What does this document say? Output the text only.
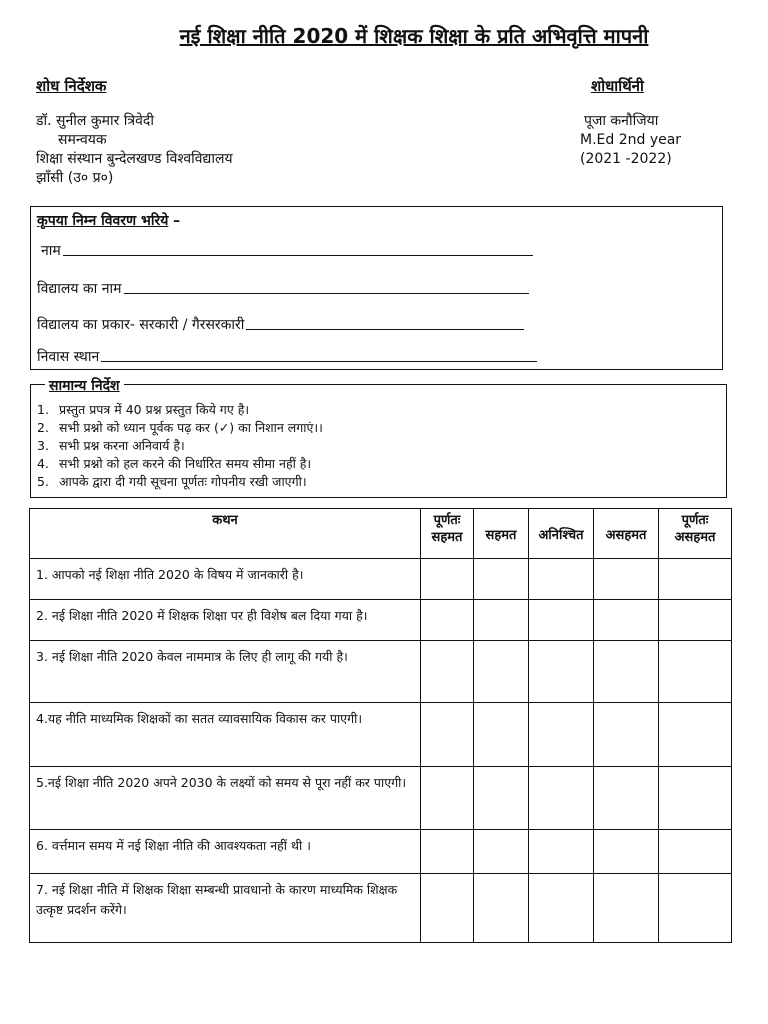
नई शिक्षा नीति 2020 में शिक्षक शिक्षा के प्रति अभिवृत्ति मापनी
शोध निर्देशक
डॉ. सुनील कुमार त्रिवेदी
समन्वयक
शिक्षा संस्थान बुन्देलखण्ड विश्वविद्यालय
झाँसी (उ० प्र०)
शोधार्थिनी
पूजा कनौजिया
M.Ed 2nd year
(2021 -2022)
कृपया निम्न विवरण भरिये –
नाम
विद्यालय का नाम
विद्यालय का प्रकार- सरकारी / गैरसरकारी
निवास स्थान
सामान्य निर्देश
1. प्रस्तुत प्रपत्र में 40 प्रश्न प्रस्तुत किये गए है।
2. सभी प्रश्नो को ध्यान पूर्वक पढ़ कर (✓) का निशान लगाएं।।
3. सभी प्रश्न करना अनिवार्य है।
4. सभी प्रश्नो को हल करने की निर्धारित समय सीमा नहीं है।
5. आपके द्वारा दी गयी सूचना पूर्णतः गोपनीय रखी जाएगी।
कथन	पूर्णतः सहमत	सहमत	अनिश्चित	असहमत	पूर्णतः असहमत
1. आपको नई शिक्षा नीति 2020 के विषय में जानकारी है।					
2. नई शिक्षा नीति 2020 में शिक्षक शिक्षा पर ही विशेष बल दिया गया है।					
3. नई शिक्षा नीति 2020 केवल नाममात्र के लिए ही लागू की गयी है।					
4.यह नीति माध्यमिक शिक्षकों का सतत व्यावसायिक विकास कर पाएगी।					
5.नई शिक्षा नीति 2020 अपने 2030 के लक्ष्यों को समय से पूरा नहीं कर पाएगी।					
6. वर्त्तमान समय में नई शिक्षा नीति की आवश्यकता नहीं थी ।					
7. नई शिक्षा नीति में शिक्षक शिक्षा सम्बन्धी प्रावधानो के कारण माध्यमिक शिक्षक उत्कृष्ट प्रदर्शन करेंगे।					
